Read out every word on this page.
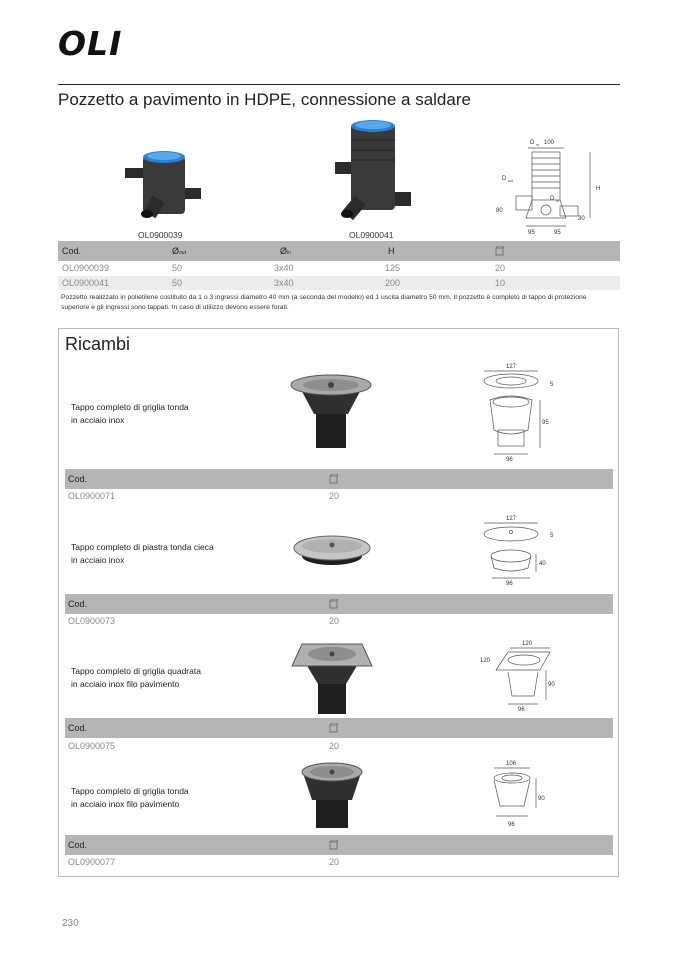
OLI
Pozzetto a pavimento in HDPE, connessione a saldare
OL0900039	OL0900041
D in 100
H
D out
D in
80
30
95	95
Cod.	Øout	Øin	H
OL0900039	50	3x40	125	20
OL0900041	50	3x40	200	10
Pozzetto realizzato in polietilene costituito da 1 o 3 ingressi diametro 40 mm (a seconda del modello) ed 1 uscita diametro 50 mm. Il pozzetto è completo di tappo di protezione superiore e gli ingressi sono tappati. In caso di utilizzo devono essere forati.
Ricambi
Tappo completo di griglia tonda
in acciaio inox
127
5
95
96
Cod.
OL0900071	20
Tappo completo di piastra tonda cieca
in acciaio inox
127
5
40
96
Cod.
OL0900073	20
Tappo completo di griglia quadrata
in acciaio inox filo pavimento
120
120
90
96
Cod.
OL0900075	20
Tappo completo di griglia tonda
in acciaio inox filo pavimento
106
90
96
Cod.
OL0900077	20
230
